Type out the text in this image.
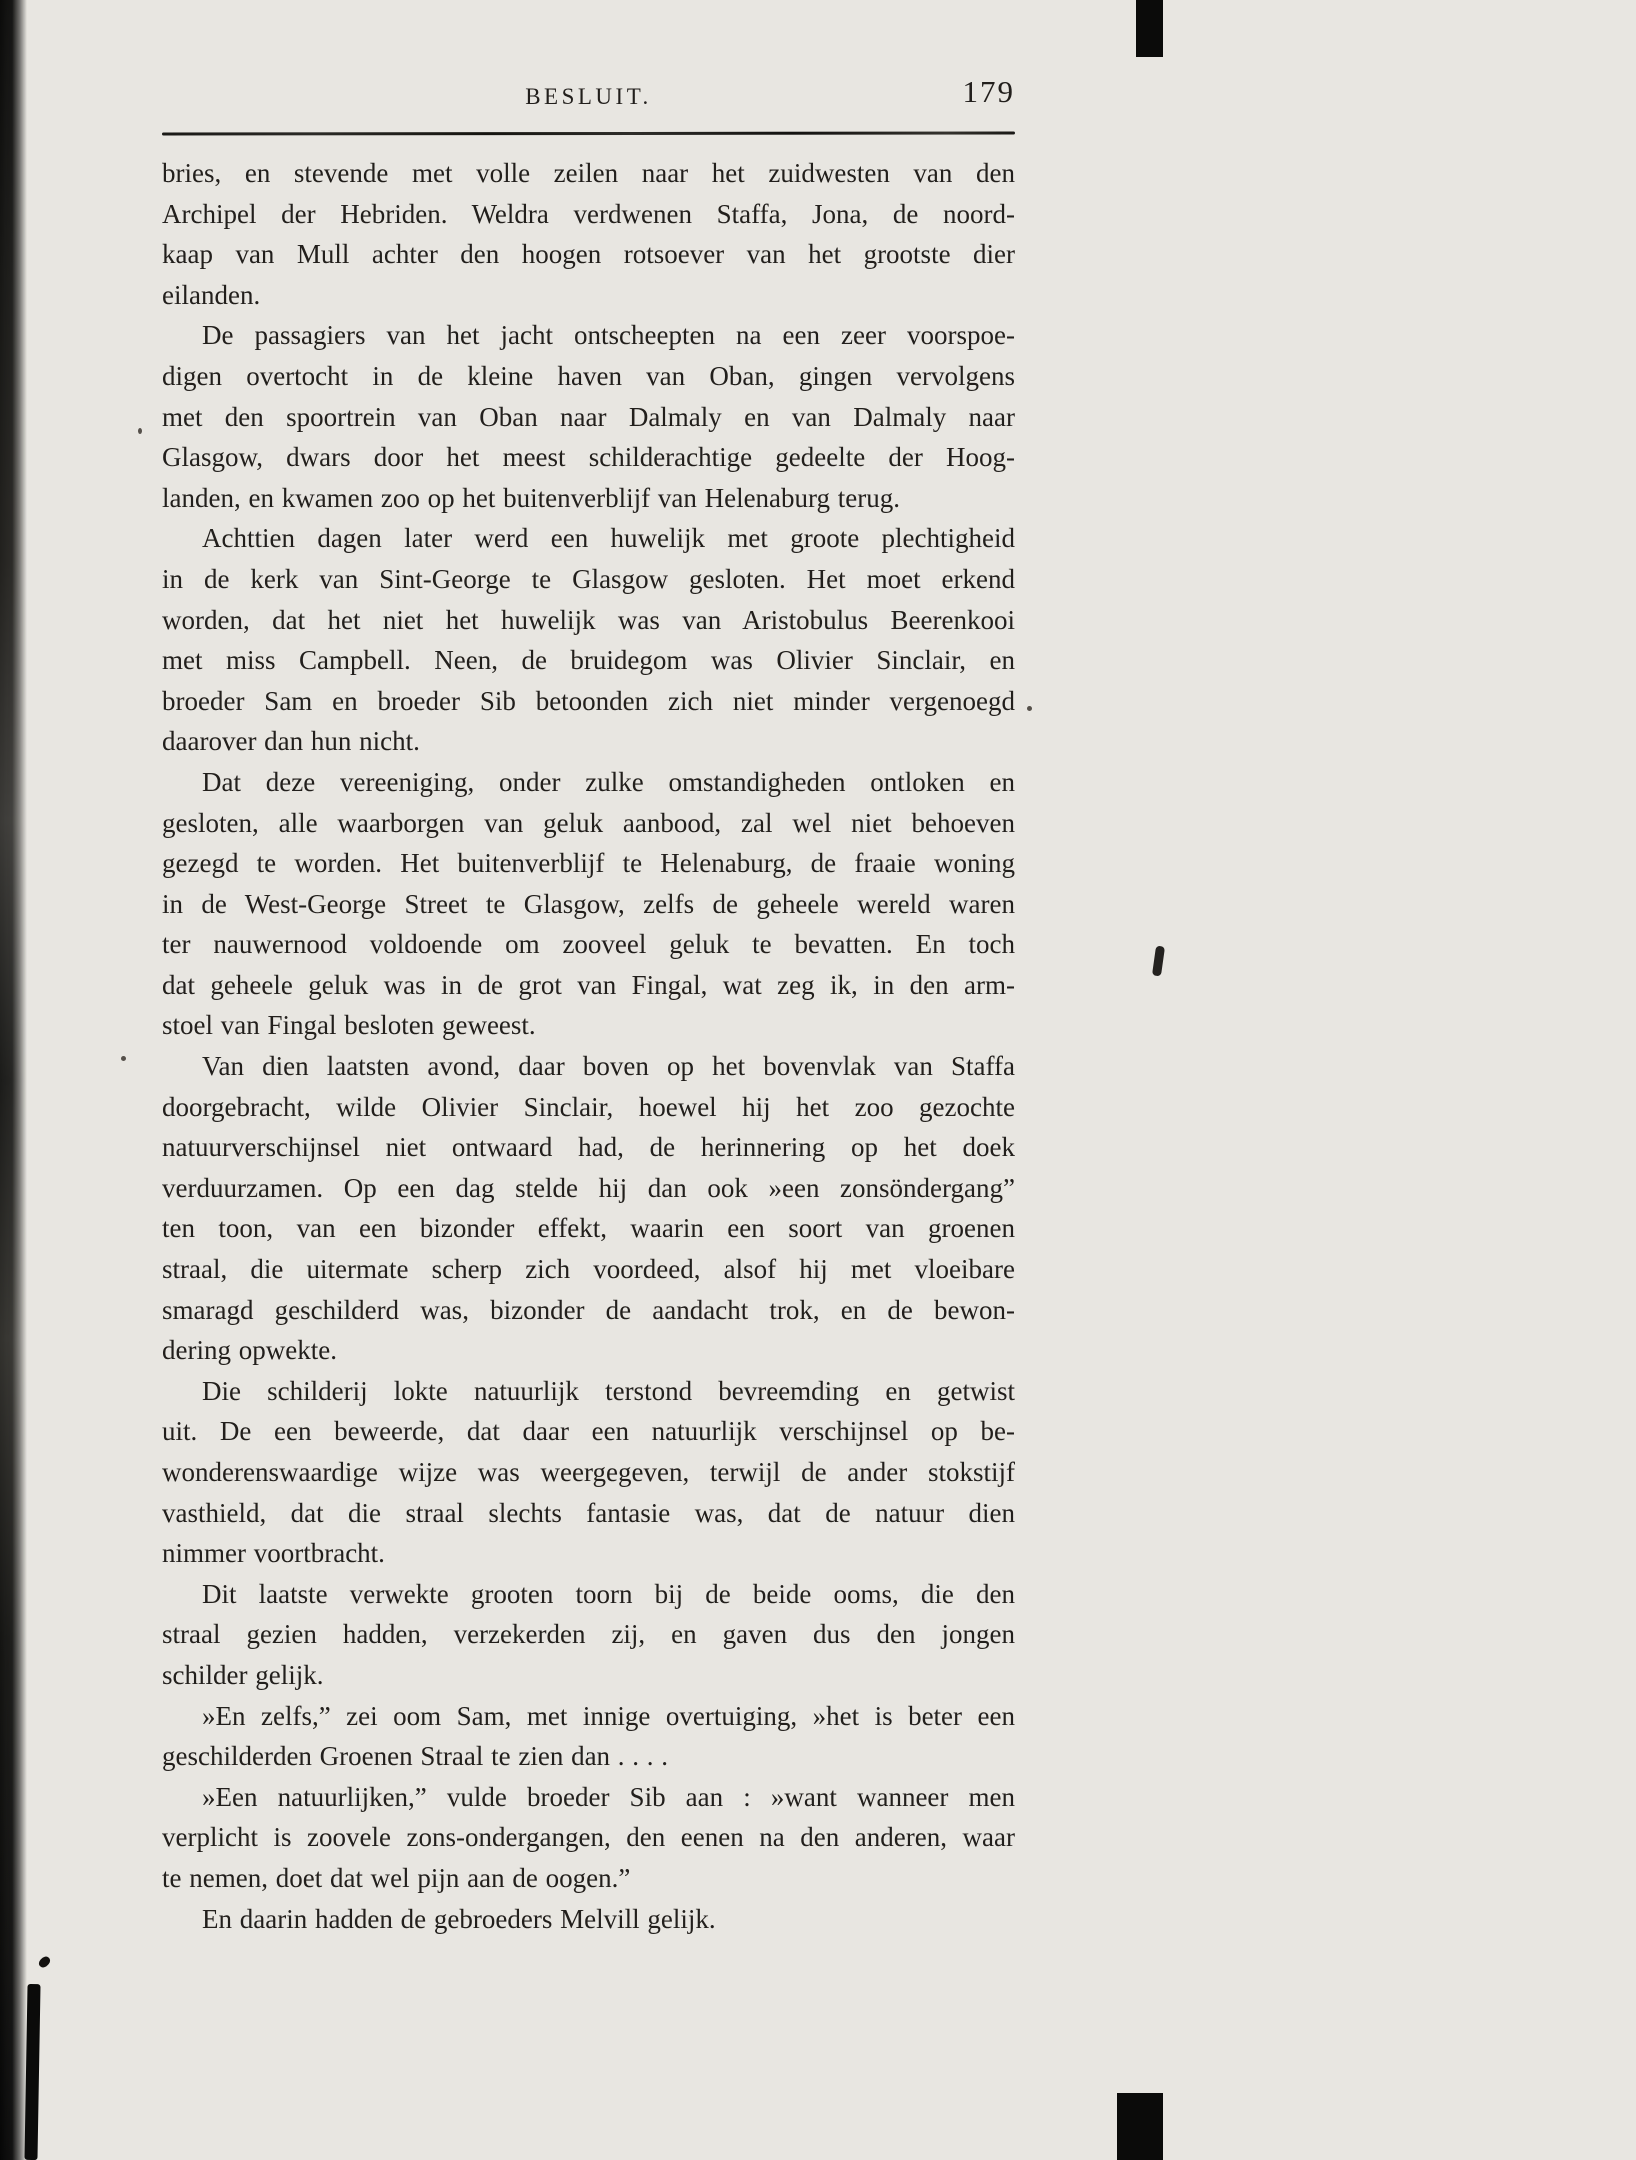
BESLUIT.	179
bries, en stevende met volle zeilen naar het zuidwesten van den
Archipel der Hebriden. Weldra verdwenen Staffa, Jona, de noord-
kaap van Mull achter den hoogen rotsoever van het grootste dier
eilanden.
De passagiers van het jacht ontscheepten na een zeer voorspoe-
digen overtocht in de kleine haven van Oban, gingen vervolgens
met den spoortrein van Oban naar Dalmaly en van Dalmaly naar
Glasgow, dwars door het meest schilderachtige gedeelte der Hoog-
landen, en kwamen zoo op het buitenverblijf van Helenaburg terug.
Achttien dagen later werd een huwelijk met groote plechtigheid
in de kerk van Sint-George te Glasgow gesloten. Het moet erkend
worden, dat het niet het huwelijk was van Aristobulus Beerenkooi
met miss Campbell. Neen, de bruidegom was Olivier Sinclair, en
broeder Sam en broeder Sib betoonden zich niet minder vergenoegd
daarover dan hun nicht.
Dat deze vereeniging, onder zulke omstandigheden ontloken en
gesloten, alle waarborgen van geluk aanbood, zal wel niet behoeven
gezegd te worden. Het buitenverblijf te Helenaburg, de fraaie woning
in de West-George Street te Glasgow, zelfs de geheele wereld waren
ter nauwernood voldoende om zooveel geluk te bevatten. En toch
dat geheele geluk was in de grot van Fingal, wat zeg ik, in den arm-
stoel van Fingal besloten geweest.
Van dien laatsten avond, daar boven op het bovenvlak van Staffa
doorgebracht, wilde Olivier Sinclair, hoewel hij het zoo gezochte
natuurverschijnsel niet ontwaard had, de herinnering op het doek
verduurzamen. Op een dag stelde hij dan ook »een zonsöndergang”
ten toon, van een bizonder effekt, waarin een soort van groenen
straal, die uitermate scherp zich voordeed, alsof hij met vloeibare
smaragd geschilderd was, bizonder de aandacht trok, en de bewon-
dering opwekte.
Die schilderij lokte natuurlijk terstond bevreemding en getwist
uit. De een beweerde, dat daar een natuurlijk verschijnsel op be-
wonderenswaardige wijze was weergegeven, terwijl de ander stokstijf
vasthield, dat die straal slechts fantasie was, dat de natuur dien
nimmer voortbracht.
Dit laatste verwekte grooten toorn bij de beide ooms, die den
straal gezien hadden, verzekerden zij, en gaven dus den jongen
schilder gelijk.
»En zelfs,” zei oom Sam, met innige overtuiging, »het is beter een
geschilderden Groenen Straal te zien dan . . . .
»Een natuurlijken,” vulde broeder Sib aan : »want wanneer men
verplicht is zoovele zons-ondergangen, den eenen na den anderen, waar
te nemen, doet dat wel pijn aan de oogen.”
En daarin hadden de gebroeders Melvill gelijk.
